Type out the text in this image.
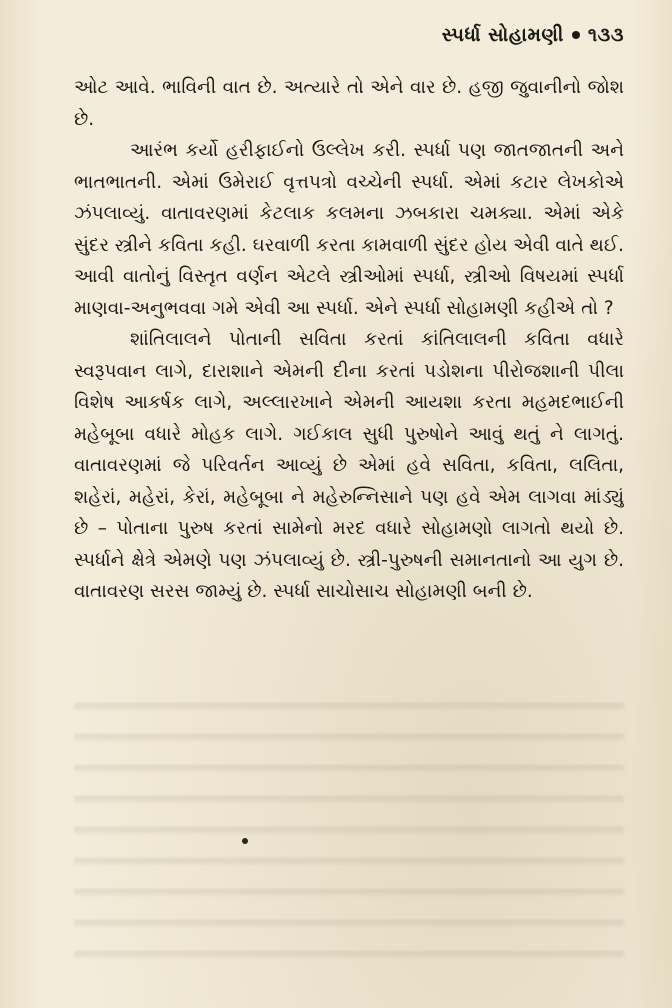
સ્પર્ધા સોહામણી ૧૩૩

ઓટ આવે. ભાવિની વાત છે. અત્યારે તો એને વાર છે. હજી જુવાનીનો જોશ છે.

આરંભ કર્યો હરીફાઈનો ઉલ્લેખ કરી. સ્પર્ધા પણ જાતજાતની અને ભાતભાતની. એમાં ઉમેરાઈ વૃત્તપત્રો વચ્ચેની સ્પર્ધા. એમાં કટાર લેખકોએ ઝંપલાવ્યું. વાતાવરણમાં કેટલાક કલમના ઝબકારા ચમક્યા. એમાં એકે સુંદર સ્ત્રીને કવિતા કહી. ઘરવાળી કરતા કામવાળી સુંદર હોય એવી વાતે થઈ. આવી વાતોનું વિસ્તૃત વર્ણન એટલે સ્ત્રીઓમાં સ્પર્ધા, સ્ત્રીઓ વિષયમાં સ્પર્ધા માણવા-અનુભવવા ગમે એવી આ સ્પર્ધા. એને સ્પર્ધા સોહામણી કહીએ તો ?

શાંતિલાલને પોતાની સવિતા કરતાં કાંતિલાલની કવિતા વધારે સ્વરૂપવાન લાગે, દારાશાને એમની દીના કરતાં પડોશના પીરોજશાની પીલા વિશેષ આકર્ષક લાગે, અલ્લારખાને એમની આયશા કરતા મહમદભાઈની મહેબૂબા વધારે મોહક લાગે. ગઈકાલ સુધી પુરુષોને આવું થતું ને લાગતું. વાતાવરણમાં જે પરિવર્તન આવ્યું છે એમાં હવે સવિતા, કવિતા, લલિતા, શહેરાં, મહેરાં, કેરાં, મહેબૂબા ને મહેરુન્નિસાને પણ હવે એમ લાગવા માંડ્યું છે – પોતાના પુરુષ કરતાં સામેનો મરદ વધારે સોહામણો લાગતો થયો છે. સ્પર્ધાને ક્ષેત્રે એમણે પણ ઝંપલાવ્યું છે. સ્ત્રી-પુરુષની સમાનતાનો આ યુગ છે. વાતાવરણ સરસ જામ્યું છે. સ્પર્ધા સાચોસાચ સોહામણી બની છે.
